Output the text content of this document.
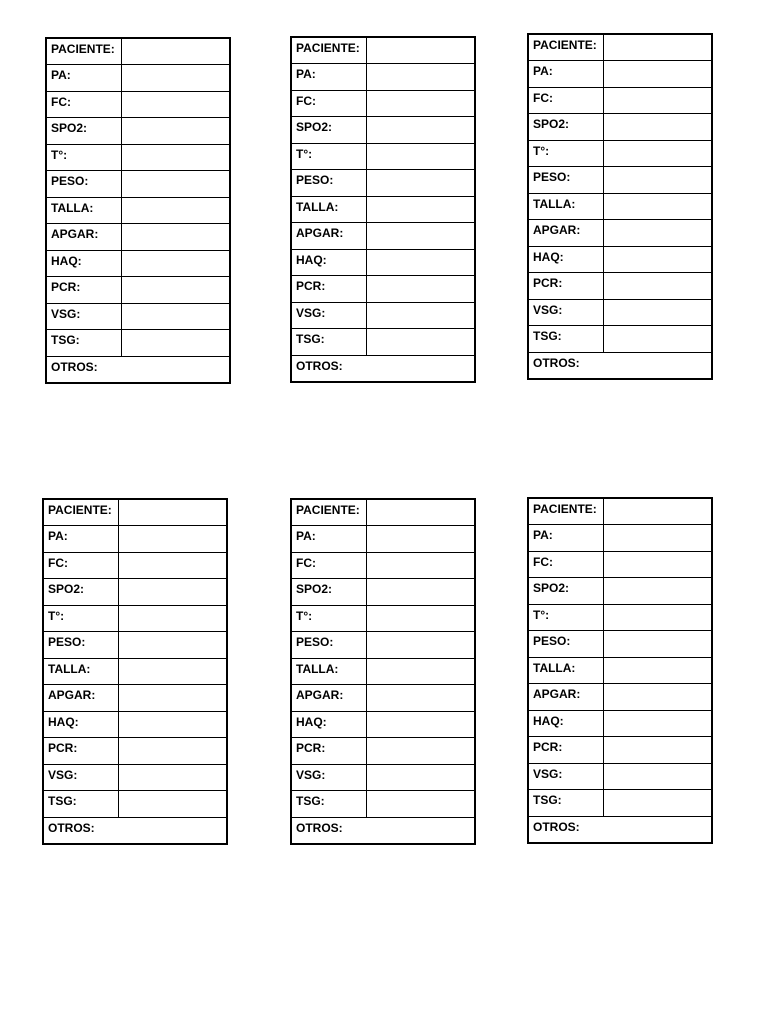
PACIENTE:	
PA:	
FC:	
SPO2:	
T°:	
PESO:	
TALLA:	
APGAR:	
HAQ:	
PCR:	
VSG:	
TSG:	
OTROS:	
PACIENTE:	
PA:	
FC:	
SPO2:	
T°:	
PESO:	
TALLA:	
APGAR:	
HAQ:	
PCR:	
VSG:	
TSG:	
OTROS:	
PACIENTE:	
PA:	
FC:	
SPO2:	
T°:	
PESO:	
TALLA:	
APGAR:	
HAQ:	
PCR:	
VSG:	
TSG:	
OTROS:	
PACIENTE:	
PA:	
FC:	
SPO2:	
T°:	
PESO:	
TALLA:	
APGAR:	
HAQ:	
PCR:	
VSG:	
TSG:	
OTROS:	
PACIENTE:	
PA:	
FC:	
SPO2:	
T°:	
PESO:	
TALLA:	
APGAR:	
HAQ:	
PCR:	
VSG:	
TSG:	
OTROS:	
PACIENTE:	
PA:	
FC:	
SPO2:	
T°:	
PESO:	
TALLA:	
APGAR:	
HAQ:	
PCR:	
VSG:	
TSG:	
OTROS:	
